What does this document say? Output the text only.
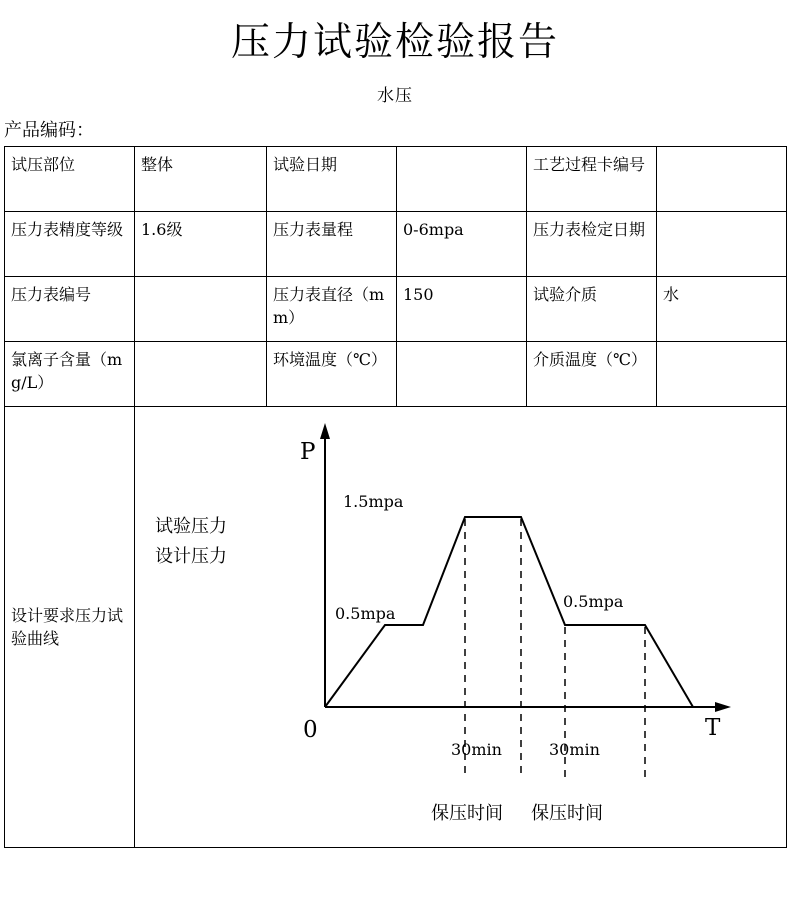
压力试验检验报告
水压
产品编码：
试压部位	整体	试验日期		工艺过程卡编号	
压力表精度等级	1.6级	压力表量程	0-6mpa	压力表检定日期	
压力表编号		压力表直径（mm）	150	试验介质	水
氯离子含量（mg/L）		环境温度（℃）		介质温度（℃）	
设计要求压力试验曲线	
P
T
0
1.5mpa
0.5mpa
0.5mpa
试验压力
设计压力
30min	30min
保压时间 保压时间
